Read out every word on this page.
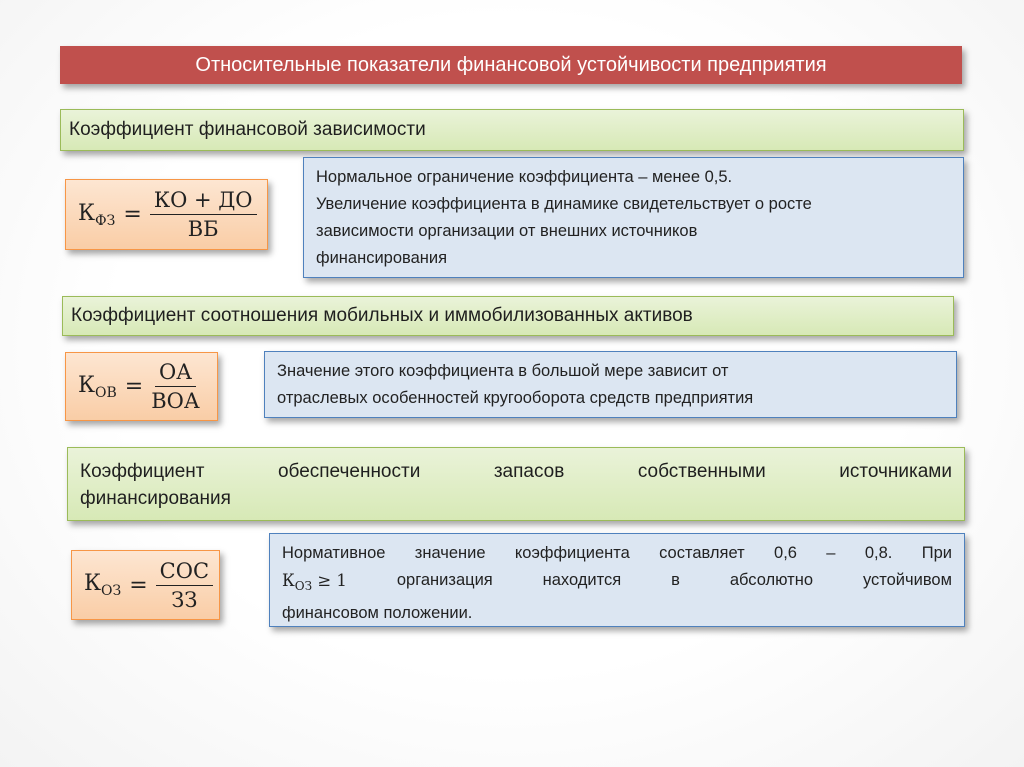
Относительные показатели финансовой устойчивости предприятия
Коэффициент финансовой зависимости
$К_{ФЗ} = \frac{КО + ДО}{ВБ}$
Нормальное ограничение коэффициента – менее 0,5.
Увеличение коэффициента в динамике свидетельствует о росте
зависимости организации от внешних источников
финансирования
Коэффициент соотношения мобильных и иммобилизованных активов
$К_{ОВ} = \frac{ОА}{\text{ВОА}}$	Значение этого коэффициента в большой мере зависит от
отраслевых особенностей кругооборота средств предприятия
Коэффициент	обеспеченности	запасов	собственными	источниками
финансирования
$К_{ОЗ} = \frac{\text{СОС}}{ЗЗ}$
Нормативное значение коэффициента составляет 0,6 – 0,8. При
$К_{ОЗ} \ge 1$	организация	находится	в	абсолютно	устойчивом
финансовом положении.
